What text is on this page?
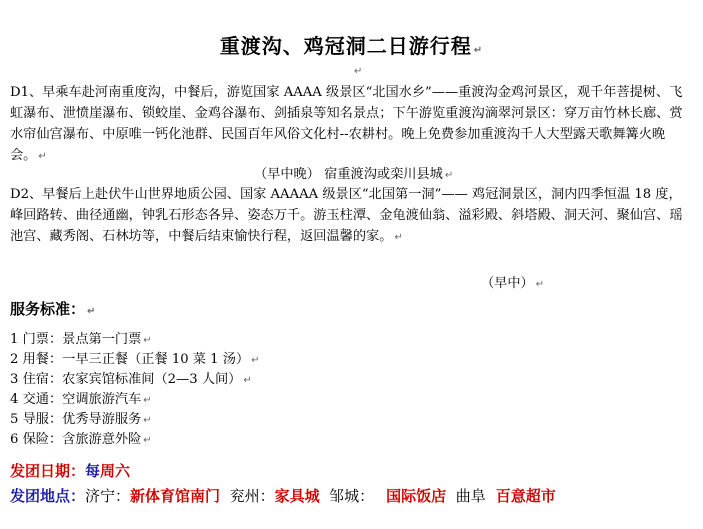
重渡沟、鸡冠洞二日游行程 ↵
↵

D1、早乘车赴河南重度沟，中餐后，游览国家 AAAA 级景区“北国水乡”——重渡沟金鸡河景区，观千年菩提树、飞虹瀑布、泄愤崖瀑布、锁蛟崖、金鸡谷瀑布、剑插泉等知名景点；下午游览重渡沟滴翠河景区：穿万亩竹林长廊、赏水帘仙宫瀑布、中原唯一钙化池群、民国百年风俗文化村--农耕村。晚上免费参加重渡沟千人大型露天歌舞篝火晚会。 ↵

（早中晚） 宿重渡沟或栾川县城 ↵

D2、早餐后上赴伏牛山世界地质公园、国家 AAAAA 级景区“北国第一洞”—— 鸡冠洞景区，洞内四季恒温 18 度，峰回路转、曲径通幽，钟乳石形态各异、姿态万千。游玉柱潭、金龟渡仙翁、溢彩殿、斜塔殿、洞天河、聚仙宫、瑶池宫、藏秀阁、石林坊等，中餐后结束愉快行程，返回温馨的家。 ↵

（早中） ↵
服务标准： ↵
1 门票：景点第一门票 ↵
2 用餐：一早三正餐（正餐 10 菜 1 汤） ↵
3 住宿：农家宾馆标准间（2—3 人间） ↵
4 交通：空调旅游汽车 ↵
5 导服：优秀导游服务 ↵
6 保险：含旅游意外险 ↵
发团日期：每周六
发团地点：济宁：新体育馆南门  兖州：家具城  邹城： 国际饭店  曲阜 百意超市
